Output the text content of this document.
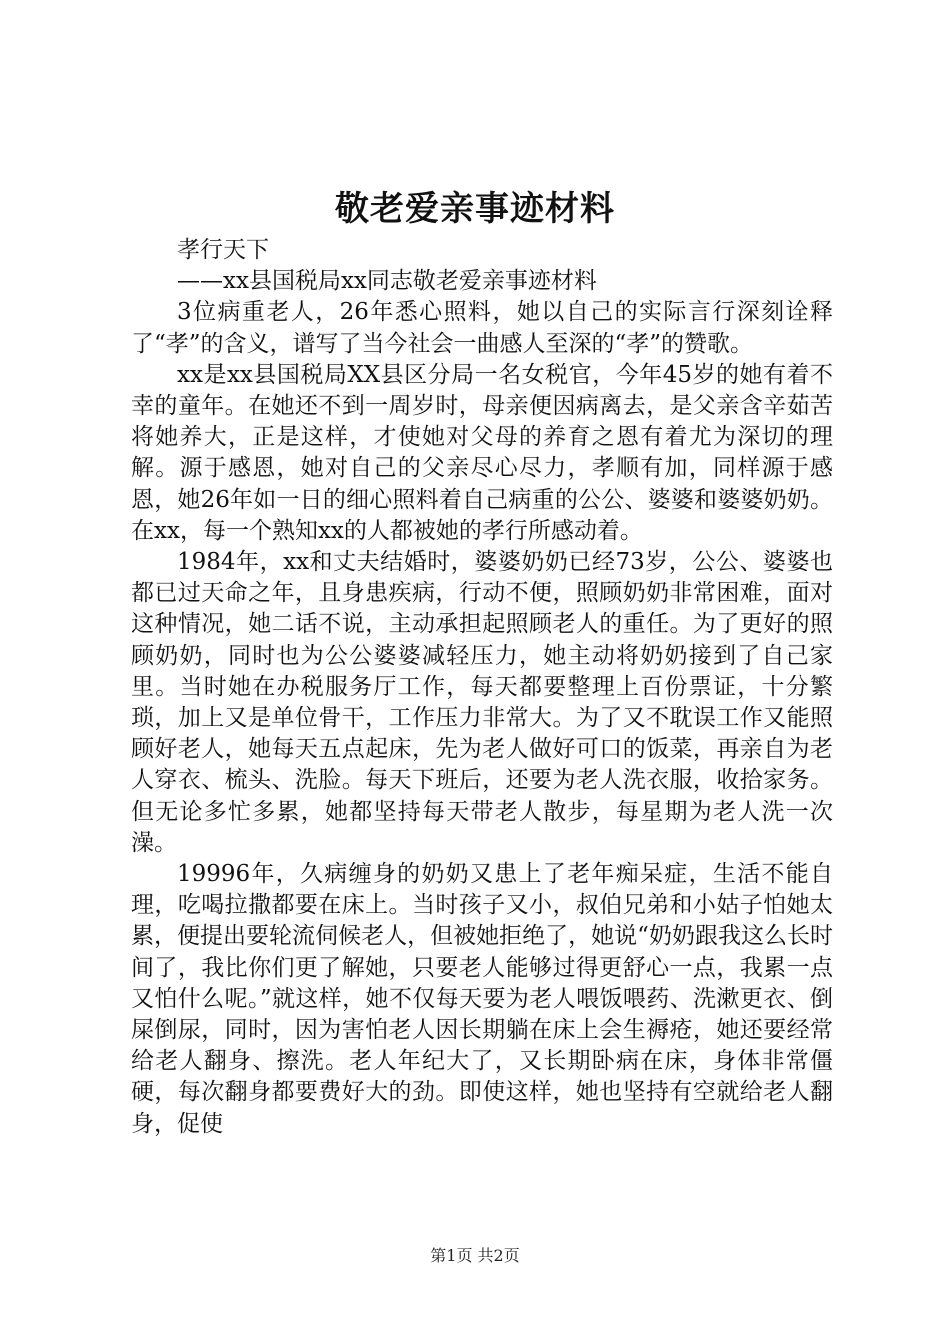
敬老爱亲事迹材料

孝行天下

——xx县国税局xx同志敬老爱亲事迹材料

3位病重老人，26年悉心照料，她以自己的实际言行深刻诠释了“孝”的含义，谱写了当今社会一曲感人至深的“孝”的赞歌。

xx是xx县国税局XX县区分局一名女税官，今年45岁的她有着不幸的童年。在她还不到一周岁时，母亲便因病离去，是父亲含辛茹苦将她养大，正是这样，才使她对父母的养育之恩有着尤为深切的理解。源于感恩，她对自己的父亲尽心尽力，孝顺有加，同样源于感恩，她26年如一日的细心照料着自己病重的公公、婆婆和婆婆奶奶。在xx，每一个熟知xx的人都被她的孝行所感动着。

1984年，xx和丈夫结婚时，婆婆奶奶已经73岁，公公、婆婆也都已过天命之年，且身患疾病，行动不便，照顾奶奶非常困难，面对这种情况，她二话不说，主动承担起照顾老人的重任。为了更好的照顾奶奶，同时也为公公婆婆减轻压力，她主动将奶奶接到了自己家里。当时她在办税服务厅工作，每天都要整理上百份票证，十分繁琐，加上又是单位骨干，工作压力非常大。为了又不耽误工作又能照顾好老人，她每天五点起床，先为老人做好可口的饭菜，再亲自为老人穿衣、梳头、洗脸。每天下班后，还要为老人洗衣服，收拾家务。但无论多忙多累，她都坚持每天带老人散步，每星期为老人洗一次澡。

19996年，久病缠身的奶奶又患上了老年痴呆症，生活不能自理，吃喝拉撒都要在床上。当时孩子又小，叔伯兄弟和小姑子怕她太累，便提出要轮流伺候老人，但被她拒绝了，她说“奶奶跟我这么长时间了，我比你们更了解她，只要老人能够过得更舒心一点，我累一点又怕什么呢。”就这样，她不仅每天要为老人喂饭喂药、洗漱更衣、倒屎倒尿，同时，因为害怕老人因长期躺在床上会生褥疮，她还要经常给老人翻身、擦洗。老人年纪大了，又长期卧病在床，身体非常僵硬，每次翻身都要费好大的劲。即使这样，她也坚持有空就给老人翻身，促使

第1页 共2页
